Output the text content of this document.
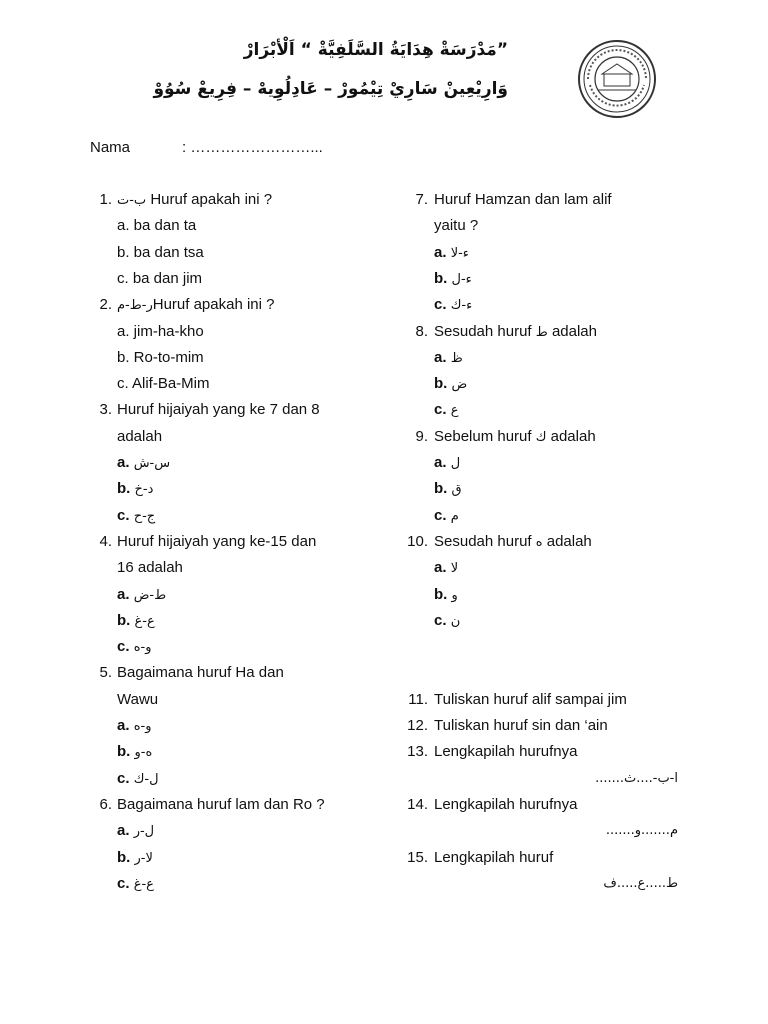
”مَدْرَسَةْ هِدَايَةُ السَّلَفِيَّةْ “ اَلْأبْرَارْ
وَارِيْعِينْ سَارِيْ تِيْمُورْ – عَادِلُوِيهْ – فِرِيعْ سُوُوْ
Nama	: ……………………...
1. ب-ت Huruf apakah ini ?
a. ba dan ta
b. ba dan tsa
c. ba dan jim
2. ر-ط-مHuruf apakah ini ?
a. jim-ha-kho
b. Ro-to-mim
c. Alif-Ba-Mim
3. Huruf hijaiyah yang ke 7 dan 8
adalah
a. س-ش
b. د-خ
c. ج-ح
4. Huruf hijaiyah yang ke-15 dan
16 adalah
a. ط-ض
b. ع-غ
c. و-ه
5. Bagaimana huruf Ha dan
Wawu
a. و-ه
b. ه-و
c. ل-ك
6. Bagaimana huruf lam dan Ro ?
a. ل-ر
b. لا-ر
c. ع-غ
7. Huruf Hamzan dan lam alif
yaitu ?
a. ء-لا
b. ء-ل
c. ء-ك
8. Sesudah huruf ط adalah
a. ظ
b. ض
c. ع
9. Sebelum huruf ك adalah
a. ل
b. ق
c. م
10. Sesudah huruf ه adalah
a. لا
b. و
c. ن
11. Tuliskan huruf alif sampai jim
12. Tuliskan huruf sin dan ‘ain
13. Lengkapilah hurufnya
ا-ب-....ث.......
14. Lengkapilah hurufnya
م.......و.......
15. Lengkapilah huruf
ط.....ع.....ف
